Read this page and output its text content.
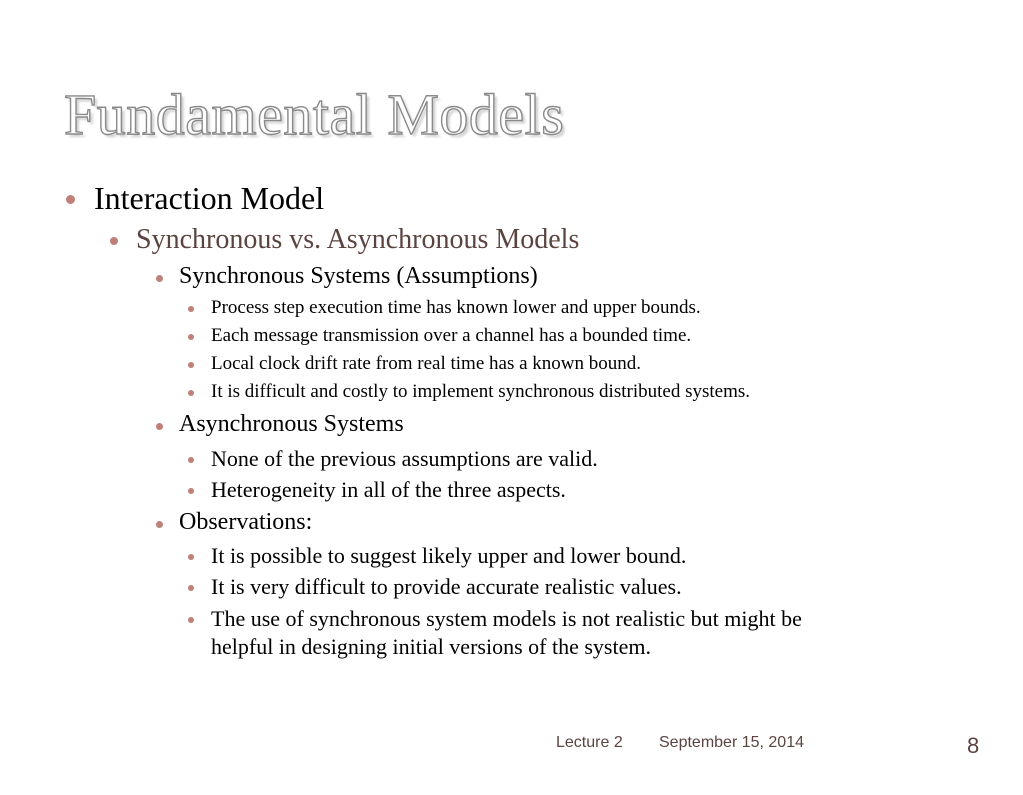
Fundamental Models
Interaction Model
Synchronous vs. Asynchronous Models
Synchronous Systems (Assumptions)
Process step execution time has known lower and upper bounds.
Each message transmission over a channel has a bounded time.
Local clock drift rate from real time has a known bound.
It is difficult and costly to implement synchronous distributed systems.
Asynchronous Systems
None of the previous assumptions are valid.
Heterogeneity in all of the three aspects.
Observations:
It is possible to suggest likely upper and lower bound.
It is very difficult to provide accurate realistic values.
The use of synchronous system models is not realistic but might be
helpful in designing initial versions of the system.
Lecture 2 September 15, 2014	8
